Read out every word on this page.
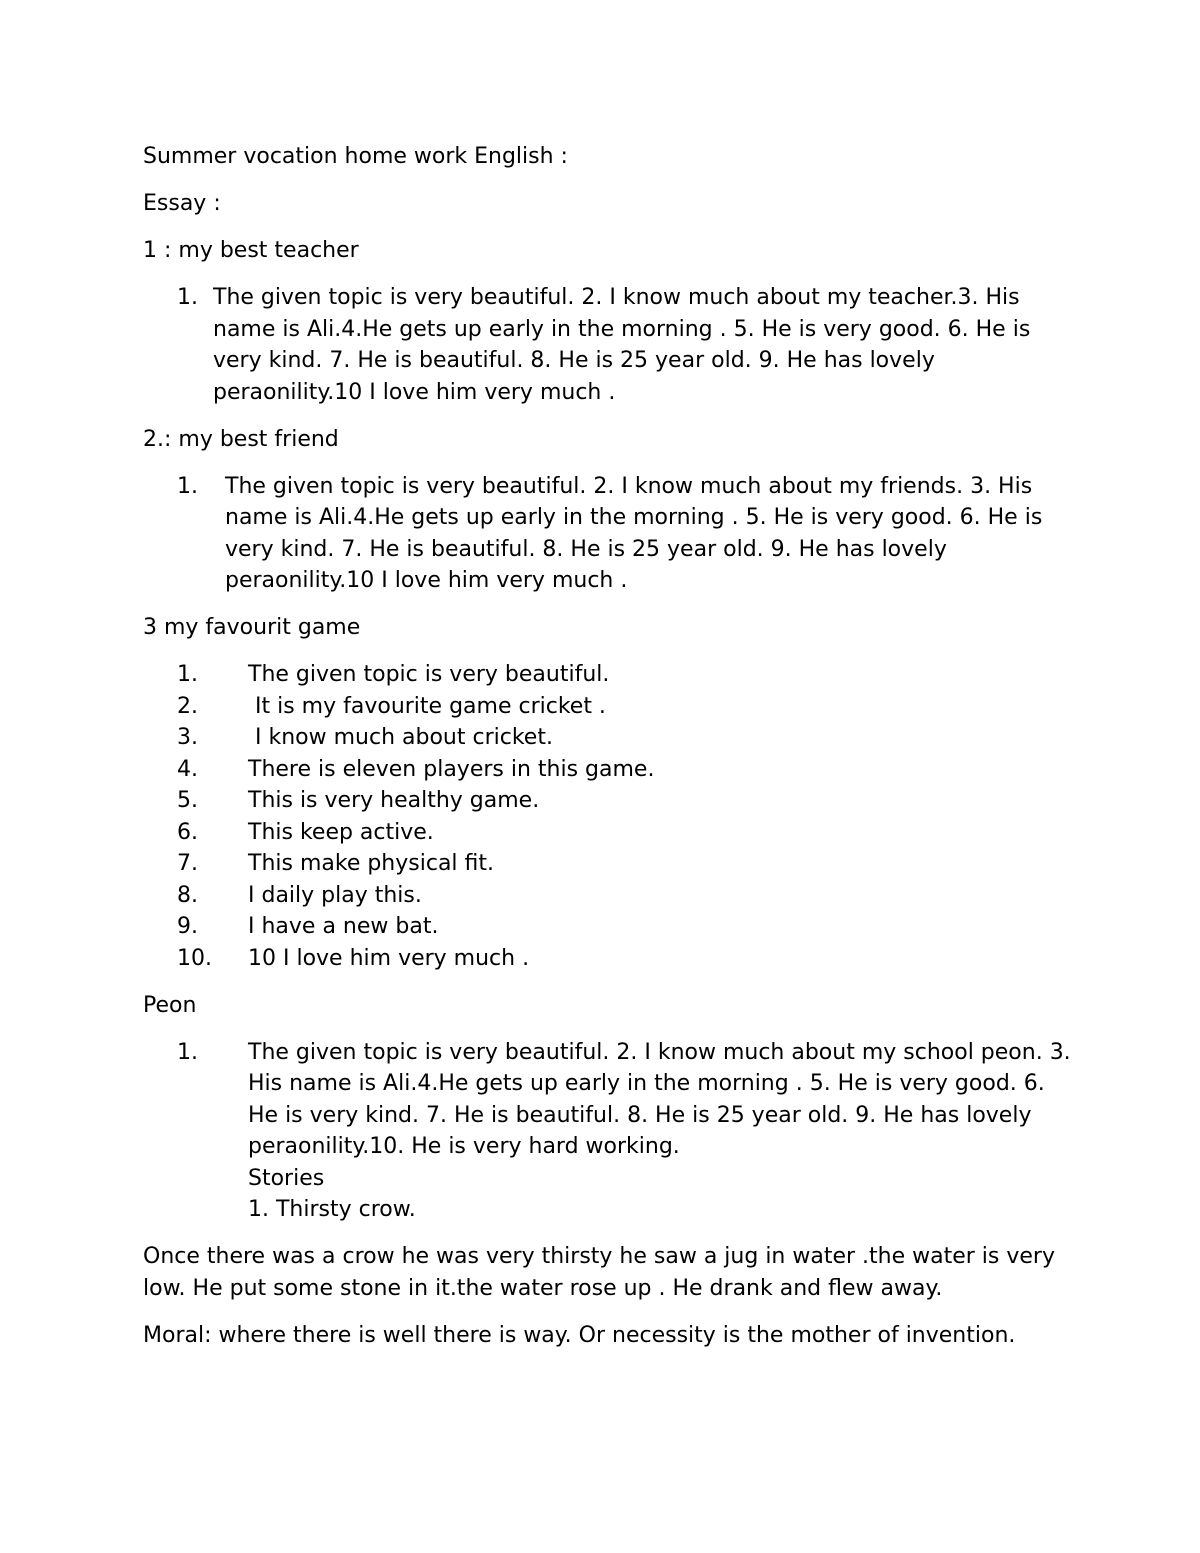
Summer vocation home work English :

Essay :

1 : my best teacher

1. The given topic is very beautiful. 2. I know much about my teacher.3. His name is Ali.4.He gets up early in the morning . 5. He is very good. 6. He is very kind. 7. He is beautiful. 8. He is 25 year old. 9. He has lovely peraonility.10 I love him very much .

2.: my best friend

1. The given topic is very beautiful. 2. I know much about my friends. 3. His name is Ali.4.He gets up early in the morning . 5. He is very good. 6. He is very kind. 7. He is beautiful. 8. He is 25 year old. 9. He has lovely peraonility.10 I love him very much .

3 my favourit game

1. The given topic is very beautiful.
2. It is my favourite game cricket .
3. I know much about cricket.
4. There is eleven players in this game.
5. This is very healthy game.
6. This keep active.
7. This make physical fit.
8. I daily play this.
9. I have a new bat.
10. 10 I love him very much .

Peon

1. The given topic is very beautiful. 2. I know much about my school peon. 3. His name is Ali.4.He gets up early in the morning . 5. He is very good. 6. He is very kind. 7. He is beautiful. 8. He is 25 year old. 9. He has lovely peraonility.10. He is very hard working.
Stories
1. Thirsty crow.

Once there was a crow he was very thirsty he saw a jug in water .the water is very low. He put some stone in it.the water rose up . He drank and flew away.

Moral: where there is well there is way. Or necessity is the mother of invention.
